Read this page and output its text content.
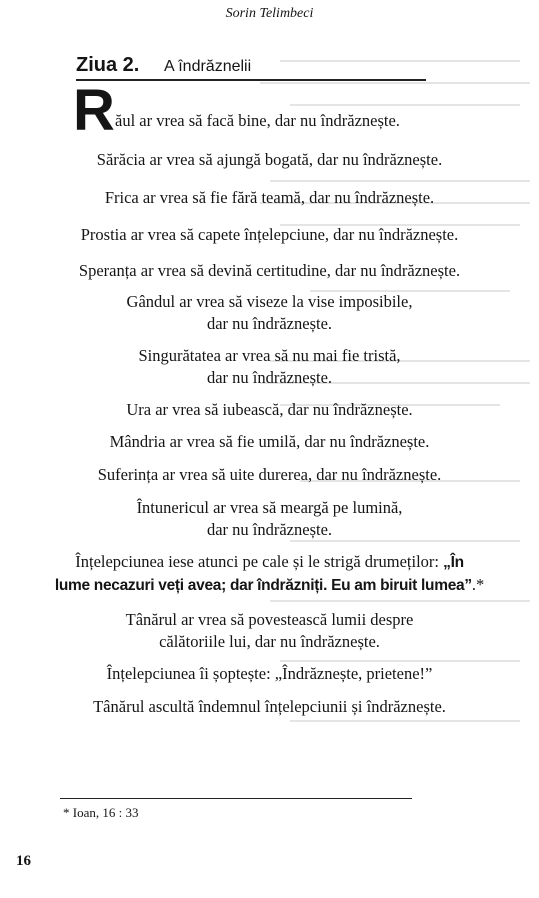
Sorin Telimbeci
Ziua 2. A îndrăznelii
R ăul ar vrea să facă bine, dar nu îndrăznește.
Sărăcia ar vrea să ajungă bogată, dar nu îndrăznește.
Frica ar vrea să fie fără teamă, dar nu îndrăznește.
Prostia ar vrea să capete înțelepciune, dar nu îndrăznește.
Speranța ar vrea să devină certitudine, dar nu îndrăznește.
Gândul ar vrea să viseze la vise imposibile,
dar nu îndrăznește.
Singurătatea ar vrea să nu mai fie tristă,
dar nu îndrăznește.
Ura ar vrea să iubească, dar nu îndrăznește.
Mândria ar vrea să fie umilă, dar nu îndrăznește.
Suferința ar vrea să uite durerea, dar nu îndrăznește.
Întunericul ar vrea să meargă pe lumină,
dar nu îndrăznește.
Înțelepciunea iese atunci pe cale și le strigă drumeților: „În
lume necazuri veți avea; dar îndrăzniți. Eu am biruit lumea”.*
Tânărul ar vrea să povestească lumii despre
călătoriile lui, dar nu îndrăznește.
Înțelepciunea îi șoptește: „Îndrăznește, prietene!”
Tânărul ascultă îndemnul înțelepciunii și îndrăznește.
* Ioan, 16 : 33
16
